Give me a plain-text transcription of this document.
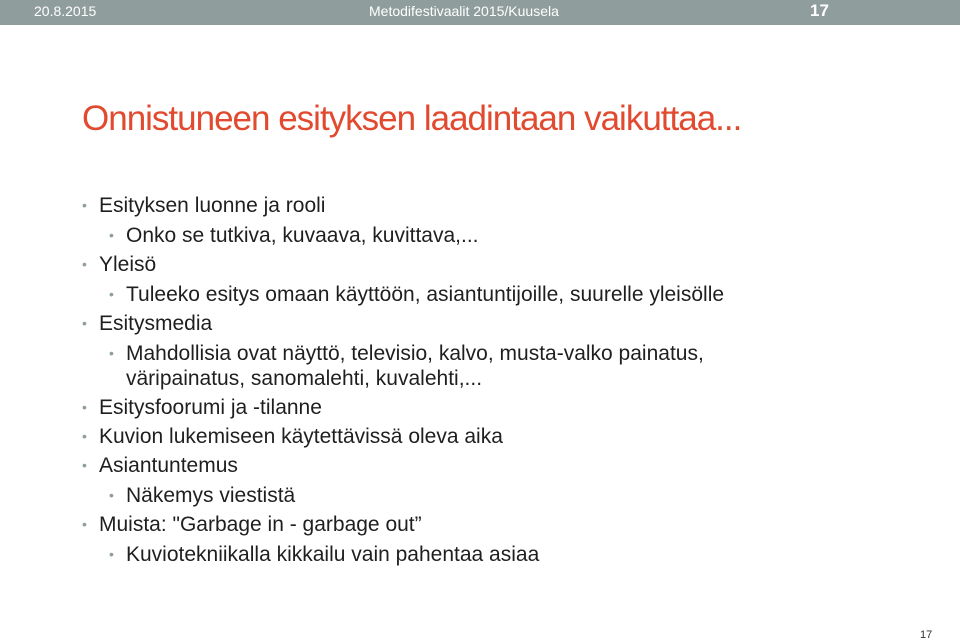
20.8.2015	Metodifestivaalit 2015/Kuusela	17
Onnistuneen esityksen laadintaan vaikuttaa...
• Esityksen luonne ja rooli
• Onko se tutkiva, kuvaava, kuvittava,...
• Yleisö
• Tuleeko esitys omaan käyttöön, asiantuntijoille, suurelle yleisölle
• Esitysmedia
• Mahdollisia ovat näyttö, televisio, kalvo, musta-valko painatus,
väripainatus, sanomalehti, kuvalehti,...
• Esitysfoorumi ja -tilanne
• Kuvion lukemiseen käytettävissä oleva aika
• Asiantuntemus
• Näkemys viestistä
• Muista: "Garbage in - garbage out”
• Kuviotekniikalla kikkailu vain pahentaa asiaa
17
